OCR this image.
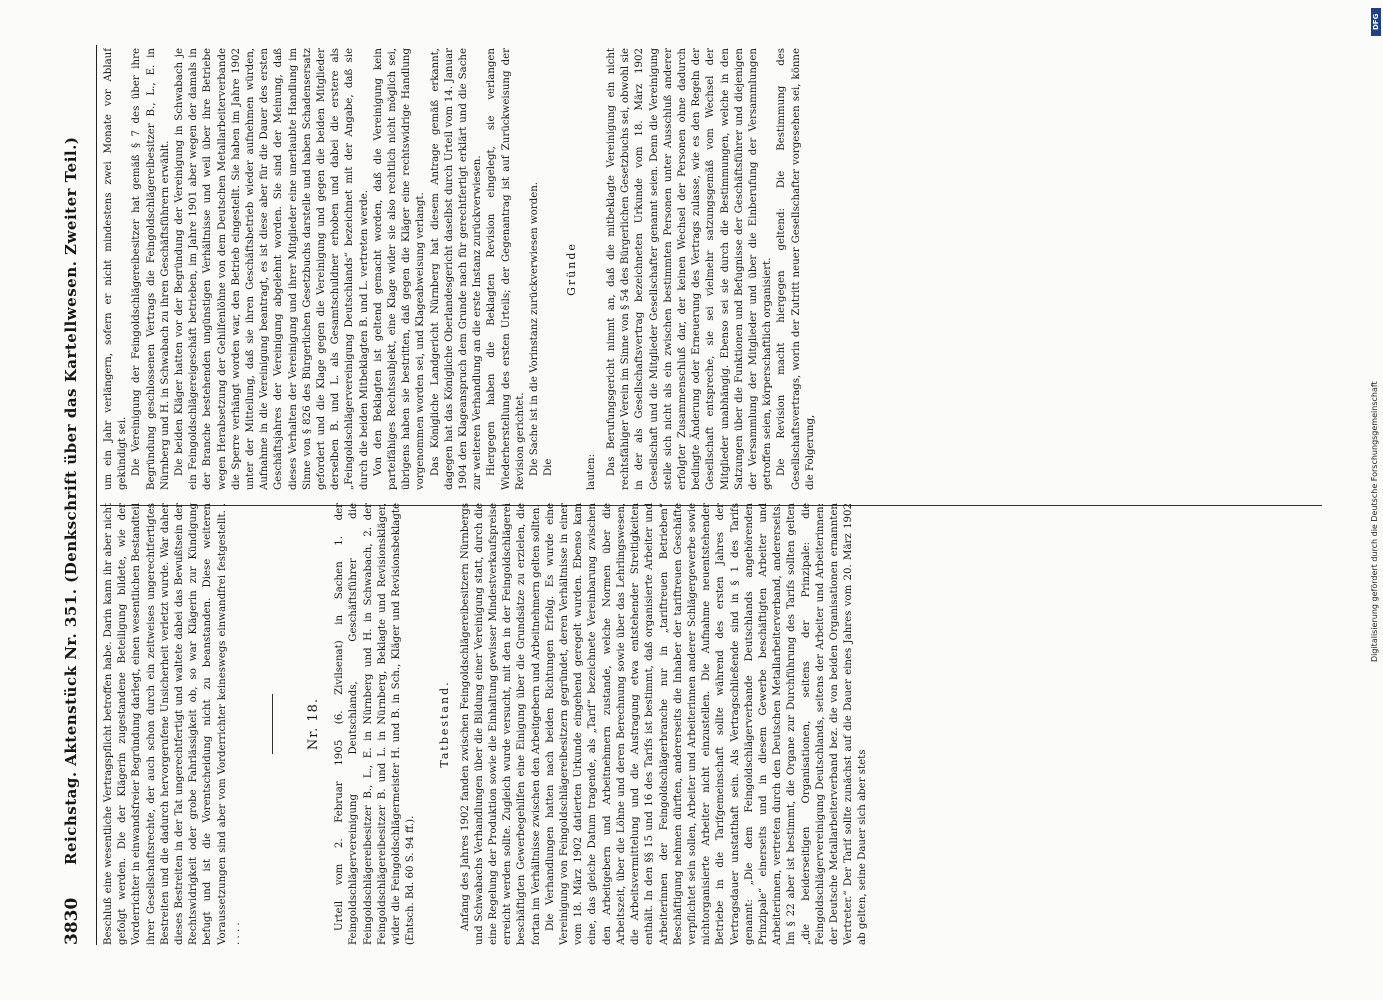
3830
Reichstag. Aktenstück Nr. 351. (Denkschrift über das Kartellwesen. Zweiter Teil.) Beschluß eine wesentliche Vertragspflicht betroffen habe. Darin kann ihr aber nicht gefolgt werden. Die der Klägerin zugestandene Beteiligung bildete, wie der Vorderrichter in einwandsfreier Begründung darlegt, einen wesentlichen Bestandteil ihrer Gesellschaftsrechte, der auch schon durch ein zeitweises ungerechtfertigtes Bestreiten und die dadurch hervorgerufene Unsicherheit verletzt wurde. War daher dieses Bestreiten in der Tat ungerechtfertigt und waltete dabei das Bewußtsein der Rechtswidrigkeit oder grobe Fahrlässigkeit ob, so war Klägerin zur Kündigung befugt und ist die Vorentscheidung nicht zu beanstanden. Diese weiteren Voraussetzungen sind aber vom Vorderrichter keineswegs einwandfrei festgestellt. . . . . .

Nr. 18. Urteil vom 2. Februar 1905 (6. Zivilsenat) in Sachen 1. der Feingoldschlägervereinigung Deutschlands, Geschäftsführer die Feingoldschlägereibesitzer B., L., E. in Nürnberg und H. in Schwabach, 2. der Feingoldschlägereibesitzer B. und L. in Nürnberg, Beklagte und Revisionskläger, wider die Feingoldschlägermeister H. und B. in Sch., Kläger und Revisionsbeklagte (Entsch. Bd. 60 S. 94 ff.).

Tatbestand. Anfang des Jahres 1902 fanden zwischen Feingoldschlägereibesitzern Nürnbergs und Schwabachs Verhandlungen über die Bildung einer Vereinigung statt, durch die eine Regelung der Produktion sowie die Einhaltung gewisser Mindestverkaufspreise erreicht werden sollte. Zugleich wurde versucht, mit den in der Feingoldschlägerei beschäftigten Gewerbegehilfen eine Einigung über die Grundsätze zu erzielen, die fortan im Verhältnisse zwischen den Arbeitgebern und Arbeitnehmern gelten sollten. Die Verhandlungen hatten nach beiden Richtungen Erfolg. Es wurde eine Vereinigung von Feingoldschlägereibesitzern gegründet, deren Verhältnisse in einer vom 18. März 1902 datierten Urkunde eingehend geregelt wurden. Ebenso kam eine, das gleiche Datum tragende, als „Tarif“ bezeichnete Vereinbarung zwischen den Arbeitgebern und Arbeitnehmern zustande, welche Normen über die Arbeitszeit, über die Löhne und deren Berechnung sowie über das Lehrlingswesen, die Arbeitsvermittelung und die Austragung etwa entstehender Streitigkeiten enthält. In den §§ 15 und 16 des Tarifs ist bestimmt, daß organisierte Arbeiter und Arbeiterinnen der Feingoldschlägerbranche nur in „tariftreuen Betrieben“ Beschäftigung nehmen dürften, andererseits die Inhaber der tariftreuen Geschäfte verpflichtet sein sollen, Arbeiter und Arbeiterinnen anderer Schlägergewerbe sowie nichtorganisierte Arbeiter nicht einzustellen. Die Aufnahme neuentstehender Betriebe in die Tarifgemeinschaft sollte während des ersten Jahres der Vertragsdauer unstatthaft sein. Als Vertragschließende sind in § 1 des Tarifs genannt: „Die dem Feingoldschlägerverbande Deutschlands angehörenden Prinzipale“ einerseits und in diesem Gewerbe beschäftigten Arbeiter und Arbeiterinnen, vertreten durch den Deutschen Metallarbeiterverband, andererseits. Im § 22 aber ist bestimmt, die Organe zur Durchführung des Tarifs sollten gelten „die beiderseitigen Organisationen, seitens der Prinzipale: die Feingoldschlägervereinigung Deutschlands, seitens der Arbeiter und Arbeiterinnen: der Deutsche Metallarbeiterverband bez. die von beiden Organisationen ernannten Vertreter.“ Der Tarif sollte zunächst auf die Dauer eines Jahres vom 20. März 1902 ab gelten, seine Dauer sich aber stets

um ein Jahr verlängern, sofern er nicht mindestens zwei Monate vor Ablauf gekündigt sei. Die Vereinigung der Feingoldschlägereibesitzer hat gemäß § 7 des über ihre Begründung geschlossenen Vertrags die Feingoldschlägereibesitzer B., L., E. in Nürnberg und H. in Schwabach zu ihren Geschäftsführern erwählt. Die beiden Kläger hatten vor der Begründung der Vereinigung in Schwabach je ein Feingoldschlägereigeschäft betrieben, im Jahre 1901 aber wegen der damals in der Branche bestehenden ungünstigen Verhältnisse und weil über ihre Betriebe wegen Herabsetzung der Gehilfenlöhne von dem Deutschen Metallarbeiterverbande die Sperre verhängt worden war, den Betrieb eingestellt. Sie haben im Jahre 1902 unter der Mitteilung, daß sie ihren Geschäftsbetrieb wieder aufnehmen würden, Aufnahme in die Vereinigung beantragt, es ist diese aber für die Dauer des ersten Geschäftsjahres der Vereinigung abgelehnt worden. Sie sind der Meinung, daß dieses Verhalten der Vereinigung und ihrer Mitglieder eine unerlaubte Handlung im Sinne von § 826 des Bürgerlichen Gesetzbuchs darstelle und haben Schadensersatz gefordert und die Klage gegen die Vereinigung und gegen die beiden Mitglieder derselben B. und L. als Gesamtschuldner erhoben und dabei die erstere als „Feingoldschlägervereinigung Deutschlands“ bezeichnet mit der Angabe, daß sie durch die beiden Mitbeklagten B. und L. vertreten werde. Von den Beklagten ist geltend gemacht worden, daß die Vereinigung kein parteifähiges Rechtssubjekt, eine Klage wider sie also rechtlich nicht möglich sei, übrigens haben sie bestritten, daß gegen die Kläger eine rechtswidrige Handlung vorgenommen worden sei, und Klageabweisung verlangt. Das Königliche Landgericht Nürnberg hat diesem Antrage gemäß erkannt, dagegen hat das Königliche Oberlandesgericht daselbst durch Urteil vom 14. Januar 1904 den Klageanspruch dem Grunde nach für gerechtfertigt erklärt und die Sache zur weiteren Verhandlung an die erste Instanz zurückverwiesen. Hiergegen haben die Beklagten Revision eingelegt, sie verlangen Wiederherstellung des ersten Urteils; der Gegenantrag ist auf Zurückweisung der Revision gerichtet. Die Sache ist in die Vorinstanz zurückverwiesen worden. Die

Gründe

lauten: Das Berufungsgericht nimmt an, daß die mitbeklagte Vereinigung ein nicht rechtsfähiger Verein im Sinne von § 54 des Bürgerlichen Gesetzbuchs sei, obwohl sie in der als Gesellschaftsvertrag bezeichneten Urkunde vom 18. März 1902 Gesellschaft und die Mitglieder Gesellschafter genannt seien. Denn die Vereinigung stelle sich nicht als ein zwischen bestimmten Personen unter Ausschluß anderer erfolgter Zusammenschluß dar, der keinen Wechsel der Personen ohne dadurch bedingte Änderung oder Erneuerung des Vertrags zulasse, wie es den Regeln der Gesellschaft entspreche, sie sei vielmehr satzungsgemäß vom Wechsel der Mitglieder unabhängig. Ebenso sei sie durch die Bestimmungen, welche in den Satzungen über die Funktionen und Befugnisse der Geschäftsführer und diejenigen der Versammlung der Mitglieder und über die Einberufung der Versammlungen getroffen seien, körperschaftlich organisiert. Die Revision macht hiergegen geltend: Die Bestimmung des Gesellschaftsvertrags, worin der Zutritt neuer Gesellschafter vorgesehen sei, könne die Folgerung,

DFG
Digitalisierung gefördert durch die Deutsche Forschungsgemeinschaft
